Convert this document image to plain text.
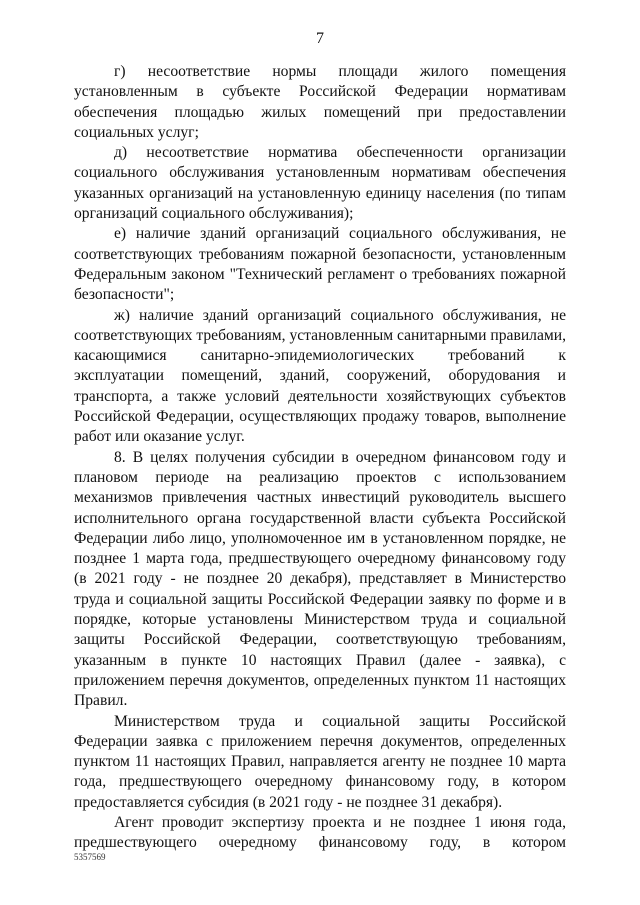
7

г) несоответствие нормы площади жилого помещения установленным в субъекте Российской Федерации нормативам обеспечения площадью жилых помещений при предоставлении социальных услуг;

д) несоответствие норматива обеспеченности организации социального обслуживания установленным нормативам обеспечения указанных организаций на установленную единицу населения (по типам организаций социального обслуживания);

е) наличие зданий организаций социального обслуживания, не соответствующих требованиям пожарной безопасности, установленным Федеральным законом "Технический регламент о требованиях пожарной безопасности";

ж) наличие зданий организаций социального обслуживания, не соответствующих требованиям, установленным санитарными правилами, касающимися санитарно-эпидемиологических требований к эксплуатации помещений, зданий, сооружений, оборудования и транспорта, а также условий деятельности хозяйствующих субъектов Российской Федерации, осуществляющих продажу товаров, выполнение работ или оказание услуг.

8. В целях получения субсидии в очередном финансовом году и плановом периоде на реализацию проектов с использованием механизмов привлечения частных инвестиций руководитель высшего исполнительного органа государственной власти субъекта Российской Федерации либо лицо, уполномоченное им в установленном порядке, не позднее 1 марта года, предшествующего очередному финансовому году (в 2021 году - не позднее 20 декабря), представляет в Министерство труда и социальной защиты Российской Федерации заявку по форме и в порядке, которые установлены Министерством труда и социальной защиты Российской Федерации, соответствующую требованиям, указанным в пункте 10 настоящих Правил (далее - заявка), с приложением перечня документов, определенных пунктом 11 настоящих Правил.

Министерством труда и социальной защиты Российской Федерации заявка с приложением перечня документов, определенных пунктом 11 настоящих Правил, направляется агенту не позднее 10 марта года, предшествующего очередному финансовому году, в котором предоставляется субсидия (в 2021 году - не позднее 31 декабря).

Агент проводит экспертизу проекта и не позднее 1 июня года, предшествующего очередному финансовому году, в котором

5357569
